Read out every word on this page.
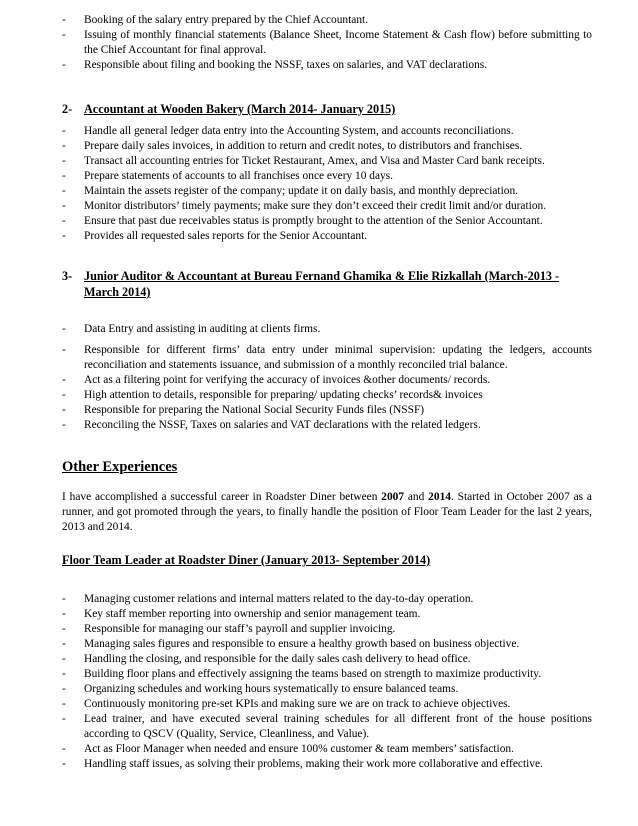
- Booking of the salary entry prepared by the Chief Accountant.
- Issuing of monthly financial statements (Balance Sheet, Income Statement & Cash flow) before submitting to the Chief Accountant for final approval.
- Responsible about filing and booking the NSSF, taxes on salaries, and VAT declarations.
2- Accountant at Wooden Bakery (March 2014- January 2015)
- Handle all general ledger data entry into the Accounting System, and accounts reconciliations.
- Prepare daily sales invoices, in addition to return and credit notes, to distributors and franchises.
- Transact all accounting entries for Ticket Restaurant, Amex, and Visa and Master Card bank receipts.
- Prepare statements of accounts to all franchises once every 10 days.
- Maintain the assets register of the company; update it on daily basis, and monthly depreciation.
- Monitor distributors’ timely payments; make sure they don’t exceed their credit limit and/or duration.
- Ensure that past due receivables status is promptly brought to the attention of the Senior Accountant.
- Provides all requested sales reports for the Senior Accountant.
3- Junior Auditor & Accountant at Bureau Fernand Ghamika & Elie Rizkallah (March-2013 - March 2014)
- Data Entry and assisting in auditing at clients firms.
- Responsible for different firms’ data entry under minimal supervision: updating the ledgers, accounts reconciliation and statements issuance, and submission of a monthly reconciled trial balance.
- Act as a filtering point for verifying the accuracy of invoices &other documents/ records.
- High attention to details, responsible for preparing/ updating checks’ records& invoices
- Responsible for preparing the National Social Security Funds files (NSSF)
- Reconciling the NSSF, Taxes on salaries and VAT declarations with the related ledgers.
Other Experiences
I have accomplished a successful career in Roadster Diner between 2007 and 2014. Started in October 2007 as a runner, and got promoted through the years, to finally handle the position of Floor Team Leader for the last 2 years, 2013 and 2014.
Floor Team Leader at Roadster Diner (January 2013- September 2014)
- Managing customer relations and internal matters related to the day-to-day operation.
- Key staff member reporting into ownership and senior management team.
- Responsible for managing our staff’s payroll and supplier invoicing.
- Managing sales figures and responsible to ensure a healthy growth based on business objective.
- Handling the closing, and responsible for the daily sales cash delivery to head office.
- Building floor plans and effectively assigning the teams based on strength to maximize productivity.
- Organizing schedules and working hours systematically to ensure balanced teams.
- Continuously monitoring pre-set KPIs and making sure we are on track to achieve objectives.
- Lead trainer, and have executed several training schedules for all different front of the house positions according to QSCV (Quality, Service, Cleanliness, and Value).
- Act as Floor Manager when needed and ensure 100% customer & team members’ satisfaction.
- Handling staff issues, as solving their problems, making their work more collaborative and effective.
